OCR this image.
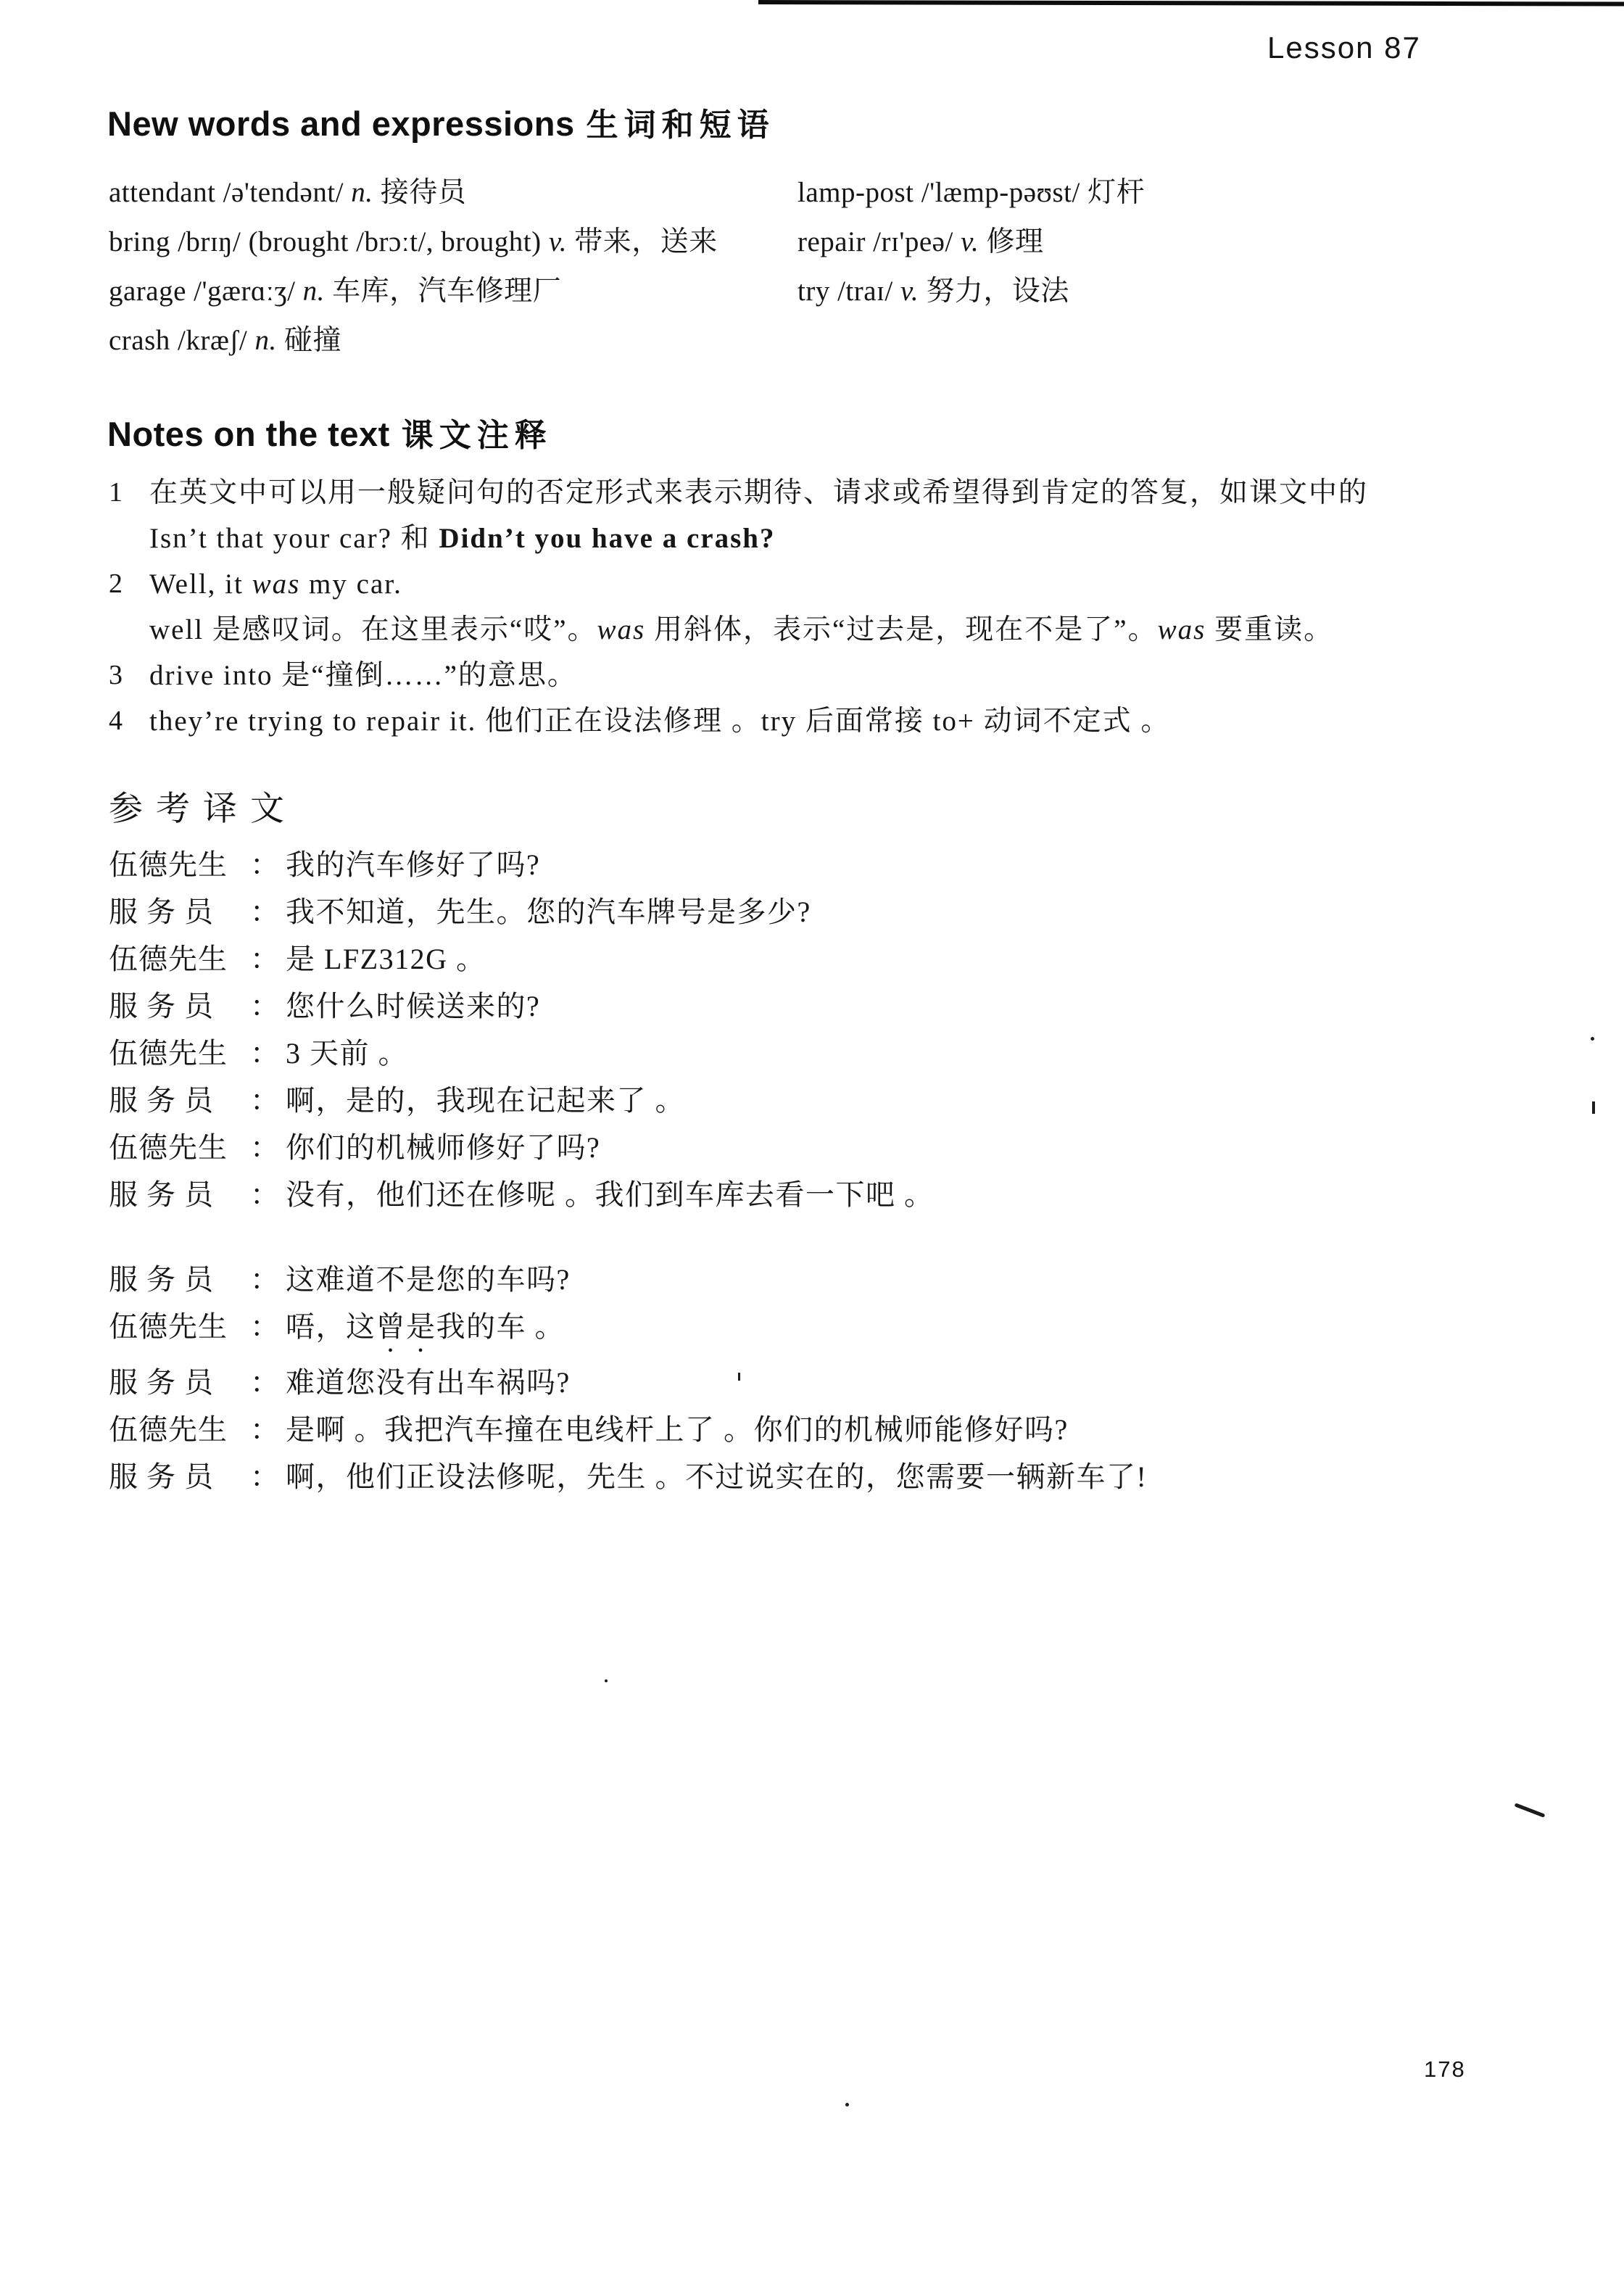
Lesson 87
New words and expressions 生词和短语
attendant /ə'tendənt/ n. 接待员
bring /brɪŋ/ (brought /brɔːt/, brought) v. 带来，送来
garage /'gærɑːʒ/ n. 车库，汽车修理厂
crash /kræʃ/ n. 碰撞
lamp-post /'læmp-pəʊst/ 灯杆
repair /rɪ'peə/ v. 修理
try /traɪ/ v. 努力，设法
Notes on the text 课文注释
1 在英文中可以用一般疑问句的否定形式来表示期待、请求或希望得到肯定的答复，如课文中的
Isn’t that your car? 和 Didn’t you have a crash?
2 Well, it was my car.
well 是感叹词。在这里表示“哎”。was 用斜体，表示“过去是，现在不是了”。was 要重读。
3 drive into 是“撞倒……”的意思。
4 they’re trying to repair it. 他们正在设法修理 。try 后面常接 to+ 动词不定式 。
参考译文
伍德先生 ： 我的汽车修好了吗?
服 务 员	： 我不知道，先生。您的汽车牌号是多少?
伍德先生 ： 是 LFZ312G 。
服 务 员	： 您什么时候送来的?
伍德先生 ： 3 天前 。
服 务 员	： 啊，是的，我现在记起来了 。
伍德先生 ： 你们的机械师修好了吗?
服 务 员	： 没有，他们还在修呢 。我们到车库去看一下吧 。
服 务 员	： 这难道不是您的车吗?
伍德先生 ： 唔，这曾是我的车 。
服 务 员	： 难道您没有出车祸吗?
伍德先生 ： 是啊 。我把汽车撞在电线杆上了 。你们的机械师能修好吗?
服 务 员	： 啊，他们正设法修呢，先生 。不过说实在的，您需要一辆新车了!
178
